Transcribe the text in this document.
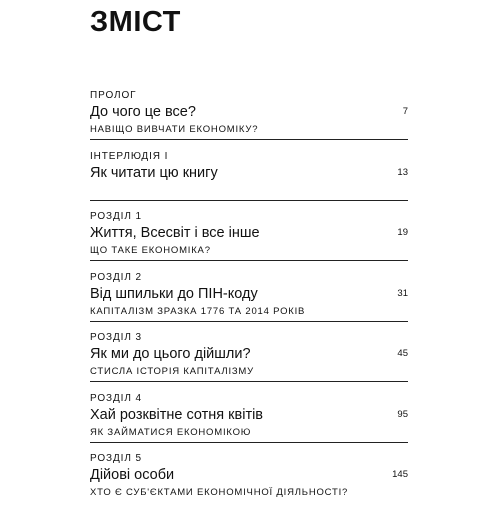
ЗМІСТ
ПРОЛОГ
До чого це все?
НАВІЩО ВИВЧАТИ ЕКОНОМІКУ?
7
ІНТЕРЛЮДІЯ І
Як читати цю книгу	13
РОЗДІЛ 1
Життя, Всесвіт і все інше
ЩО ТАКЕ ЕКОНОМІКА?
19
РОЗДІЛ 2
Від шпильки до ПІН-коду
КАПІТАЛІЗМ ЗРАЗКА 1776 ТА 2014 РОКІВ
31
РОЗДІЛ 3
Як ми до цього дійшли?
СТИСЛА ІСТОРІЯ КАПІТАЛІЗМУ
45
РОЗДІЛ 4
Хай розквітне сотня квітів
ЯК ЗАЙМАТИСЯ ЕКОНОМІКОЮ
95
РОЗДІЛ 5
Дійові особи
ХТО Є СУБ'ЄКТАМИ ЕКОНОМІЧНОЇ ДІЯЛЬНОСТІ?
145
